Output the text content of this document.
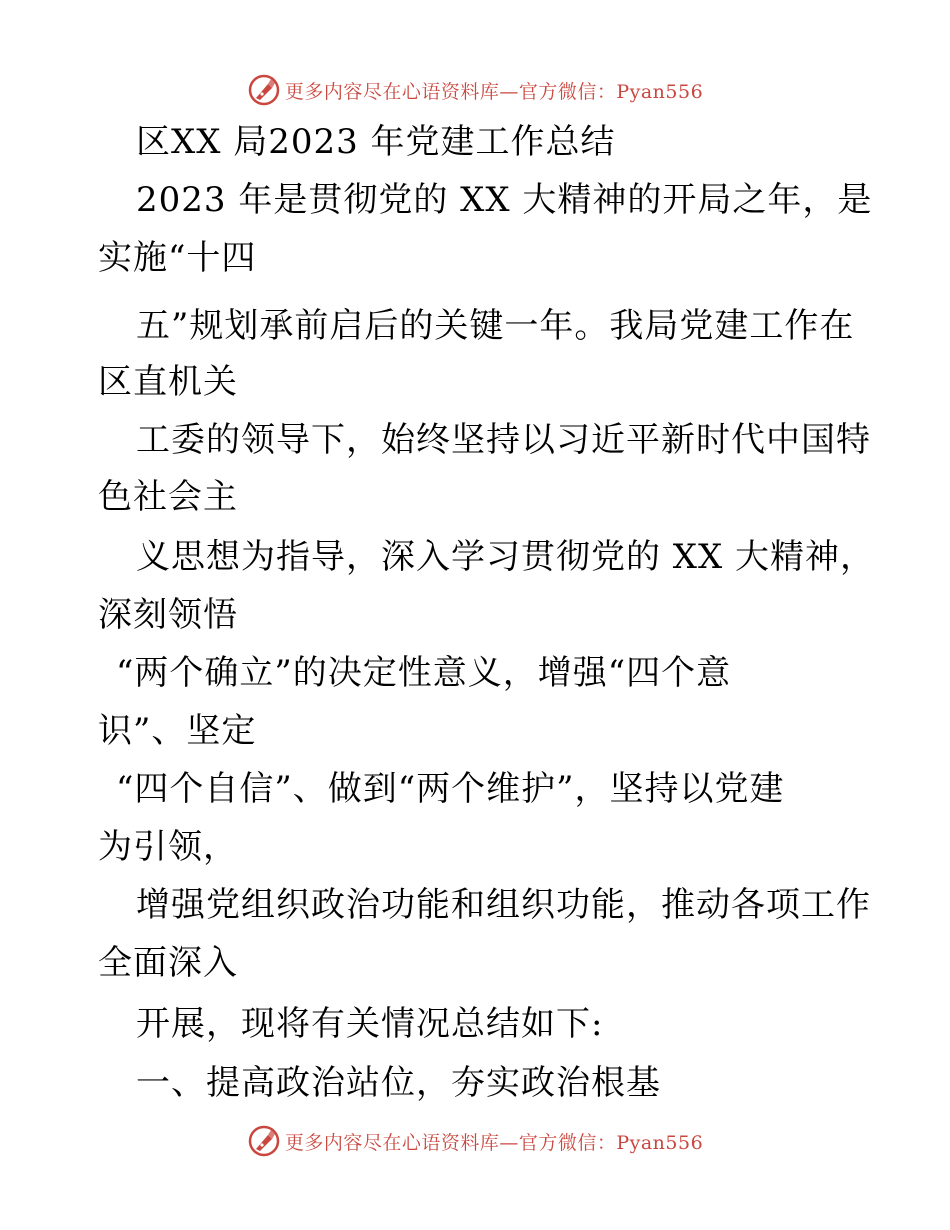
更多内容尽在心语资料库—官方微信：Pyan556
区XX 局2023 年党建工作总结
2023 年是贯彻党的 XX 大精神的开局之年，是
实施“十四
五”规划承前启后的关键一年。我局党建工作在
区直机关
工委的领导下，始终坚持以习近平新时代中国特
色社会主
义思想为指导，深入学习贯彻党的 XX 大精神，
深刻领悟
“两个确立”的决定性意义，增强“四个意
识”、坚定
“四个自信”、做到“两个维护”，坚持以党建
为引领，
增强党组织政治功能和组织功能，推动各项工作
全面深入
开展，现将有关情况总结如下:
一、提高政治站位，夯实政治根基
更多内容尽在心语资料库—官方微信：Pyan556
